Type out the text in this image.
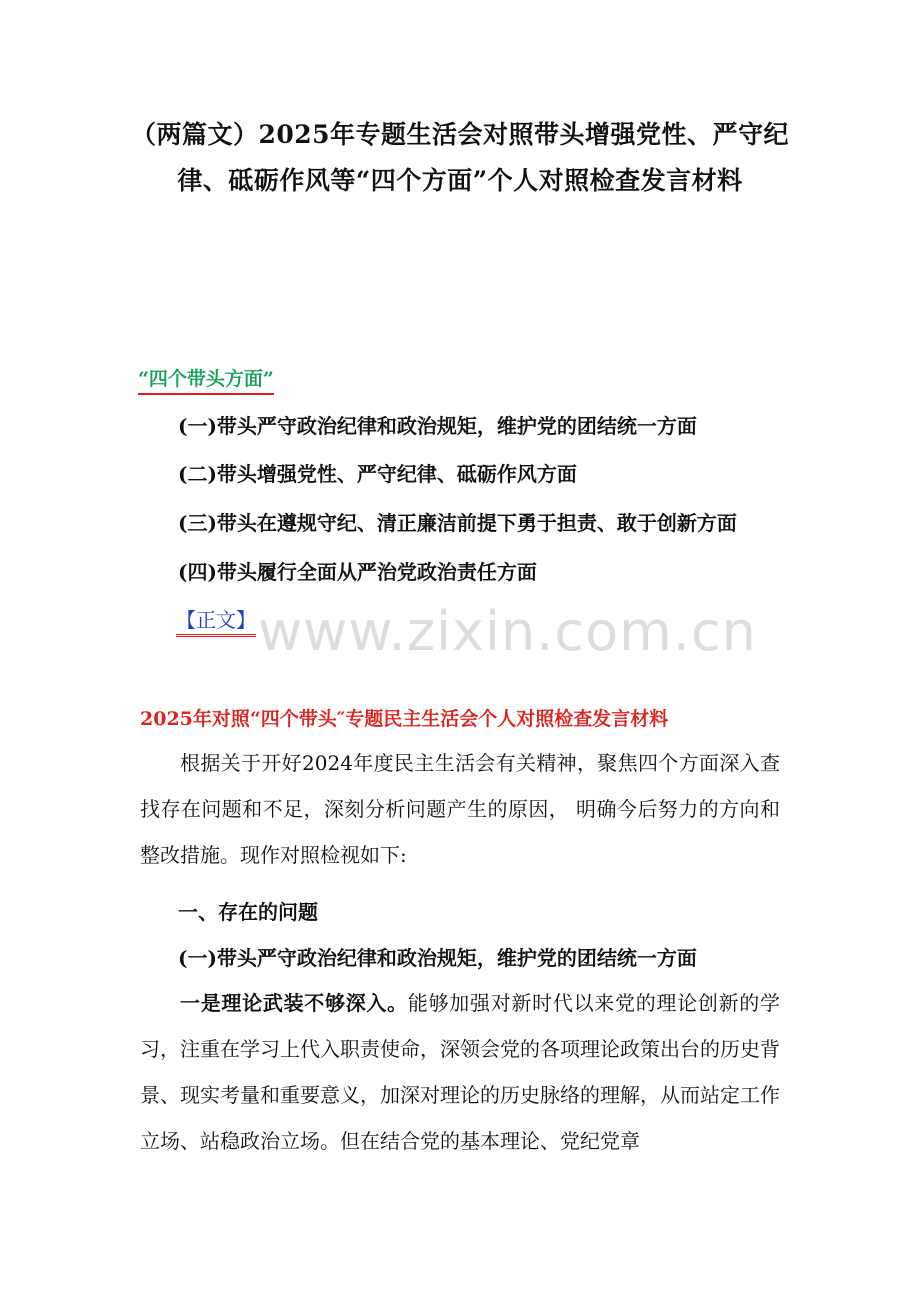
（两篇文）2025年专题生活会对照带头增强党性、严守纪律、砥砺作风等“四个方面”个人对照检查发言材料
“四个带头方面”
(一)带头严守政治纪律和政治规矩，维护党的团结统一方面
(二)带头增强党性、严守纪律、砥砺作风方面
(三)带头在遵规守纪、清正廉洁前提下勇于担责、敢于创新方面
(四)带头履行全面从严治党政治责任方面
www.zixin.com.cn
【正文】
2025年对照“四个带头″专题民主生活会个人对照检查发言材料
根据关于开好2024年度民主生活会有关精神，聚焦四个方面深入查找存在问题和不足，深刻分析问题产生的原因， 明确今后努力的方向和整改措施。现作对照检视如下:
一、存在的问题
(一)带头严守政治纪律和政治规矩，维护党的团结统一方面
一是理论武装不够深入。能够加强对新时代以来党的理论创新的学习，注重在学习上代入职责使命，深领会党的各项理论政策出台的历史背景、现实考量和重要意义，加深对理论的历史脉络的理解，从而站定工作立场、站稳政治立场。但在结合党的基本理论、党纪党章
